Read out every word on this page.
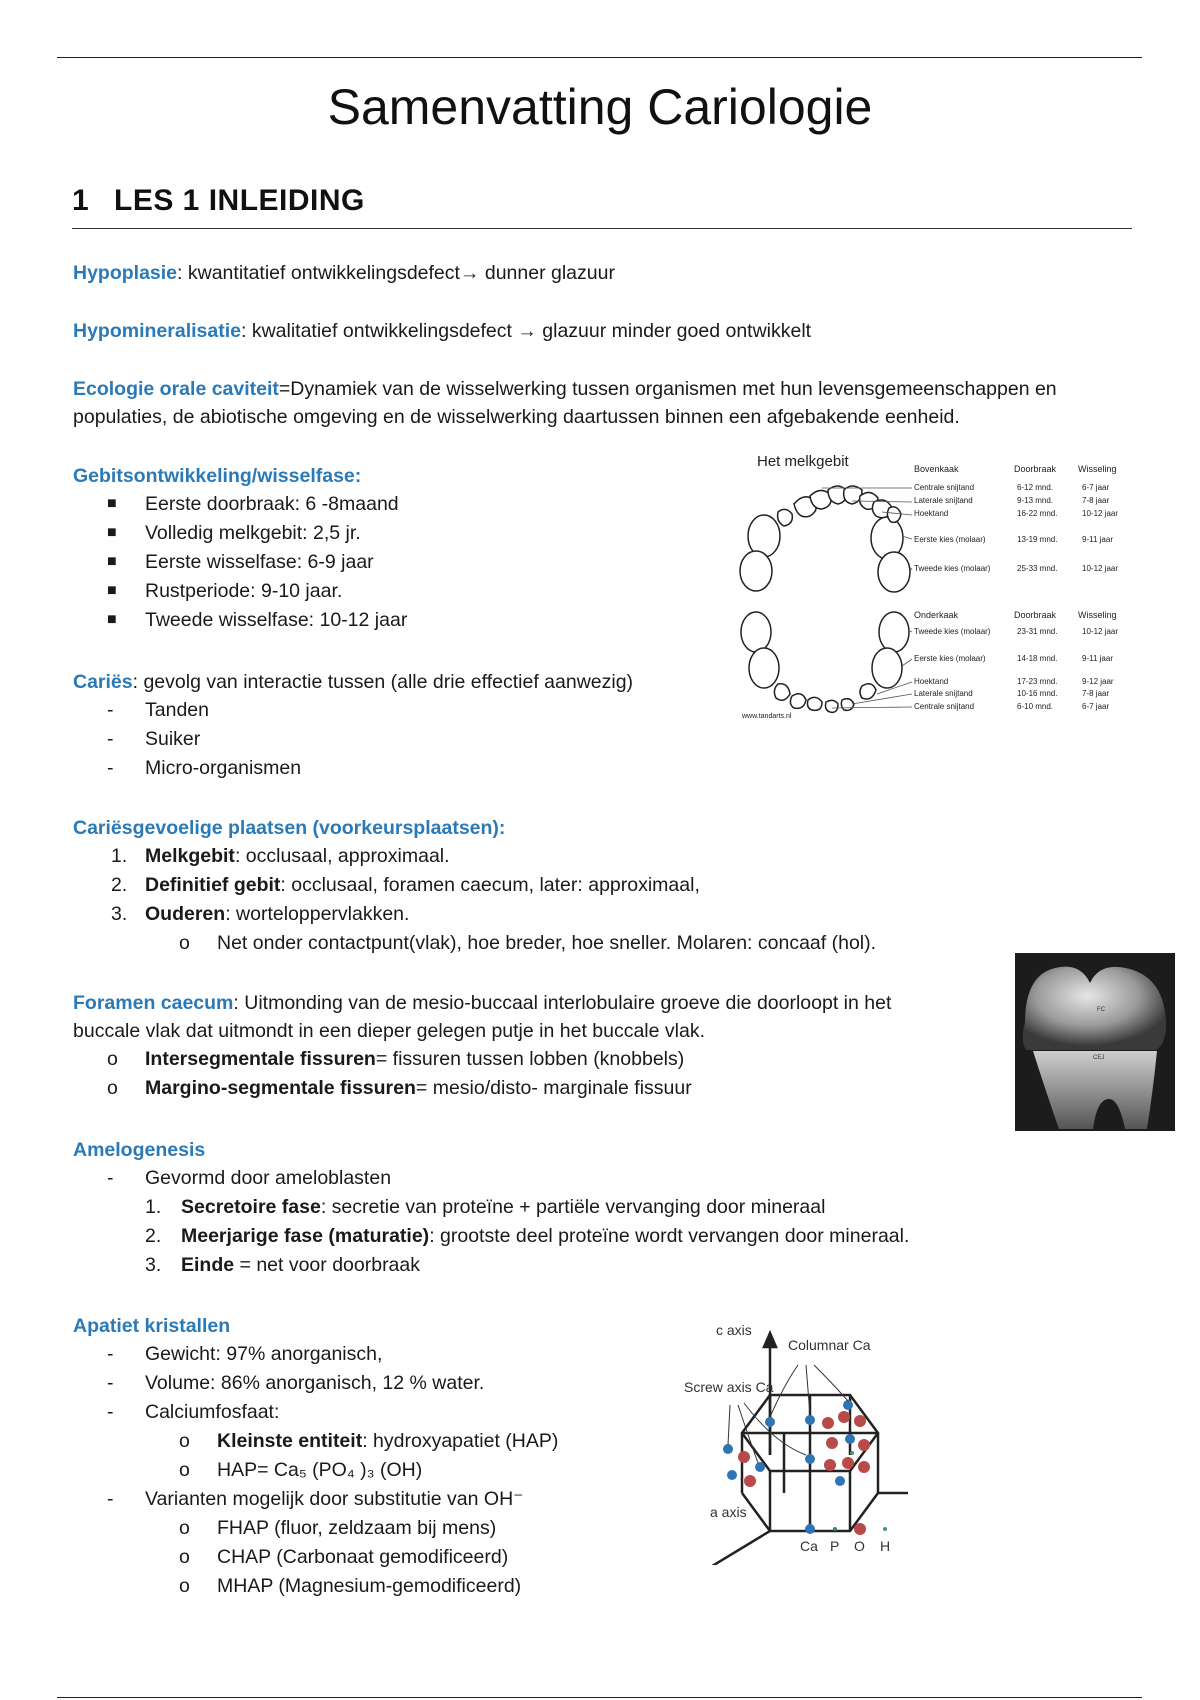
Samenvatting Cariologie
1 LES 1 INLEIDING
Hypoplasie: kwantitatief ontwikkelingsdefect→ dunner glazuur
Hypomineralisatie: kwalitatief ontwikkelingsdefect → glazuur minder goed ontwikkelt
Ecologie orale caviteit=Dynamiek van de wisselwerking tussen organismen met hun levensgemeenschappen en populaties, de abiotische omgeving en de wisselwerking daartussen binnen een afgebakende eenheid.
Gebitsontwikkeling/wisselfase:
■ Eerste doorbraak: 6 -8maand
■ Volledig melkgebit: 2,5 jr.
■ Eerste wisselfase: 6-9 jaar
■ Rustperiode: 9-10 jaar.
■ Tweede wisselfase: 10-12 jaar
Cariës: gevolg van interactie tussen (alle drie effectief aanwezig)
- Tanden
- Suiker
- Micro-organismen
Cariësgevoelige plaatsen (voorkeursplaatsen):
1. Melkgebit: occlusaal, approximaal.
2. Definitief gebit: occlusaal, foramen caecum, later: approximaal,
3. Ouderen: worteloppervlakken.
o Net onder contactpunt(vlak), hoe breder, hoe sneller. Molaren: concaaf (hol).
Foramen caecum: Uitmonding van de mesio-buccaal interlobulaire groeve die doorloopt in het
buccale vlak dat uitmondt in een dieper gelegen putje in het buccale vlak.
o Intersegmentale fissuren= fissuren tussen lobben (knobbels)
o Margino-segmentale fissuren= mesio/disto- marginale fissuur
Amelogenesis
- Gevormd door ameloblasten
1. Secretoire fase: secretie van proteïne + partiële vervanging door mineraal
2. Meerjarige fase (maturatie): grootste deel proteïne wordt vervangen door mineraal.
3. Einde = net voor doorbraak
Apatiet kristallen
- Gewicht: 97% anorganisch,
- Volume: 86% anorganisch, 12 % water.
- Calciumfosfaat:
o Kleinste entiteit: hydroxyapatiet (HAP)
o HAP= Ca₅ (PO₄ )₃ (OH)
- Varianten mogelijk door substitutie van OH⁻
o FHAP (fluor, zeldzaam bij mens)
o CHAP (Carbonaat gemodificeerd)
o MHAP (Magnesium-gemodificeerd)
Het melkgebit
www.tandarts.nl
Bovenkaak	Doorbraak Wisseling
Centrale snijtand	6-12 mnd.	6-7 jaar
Laterale snijtand	9-13 mnd.	7-8 jaar
Hoektand	16-22 mnd.	10-12 jaar
Eerste kies (molaar)	13-19 mnd.	9-11 jaar
Tweede kies (molaar)	25-33 mnd.	10-12 jaar
Onderkaak	Doorbraak Wisseling
Tweede kies (molaar)	23-31 mnd.	10-12 jaar
Eerste kies (molaar)	14-18 mnd.	9-11 jaar
Hoektand	17-23 mnd.	9-12 jaar
Laterale snijtand	10-16 mnd.	7-8 jaar
Centrale snijtand	6-10 mnd.	6-7 jaar
FC
CEJ
c axis
Columnar Ca
Screw axis Ca
a axis
Ca P O H
